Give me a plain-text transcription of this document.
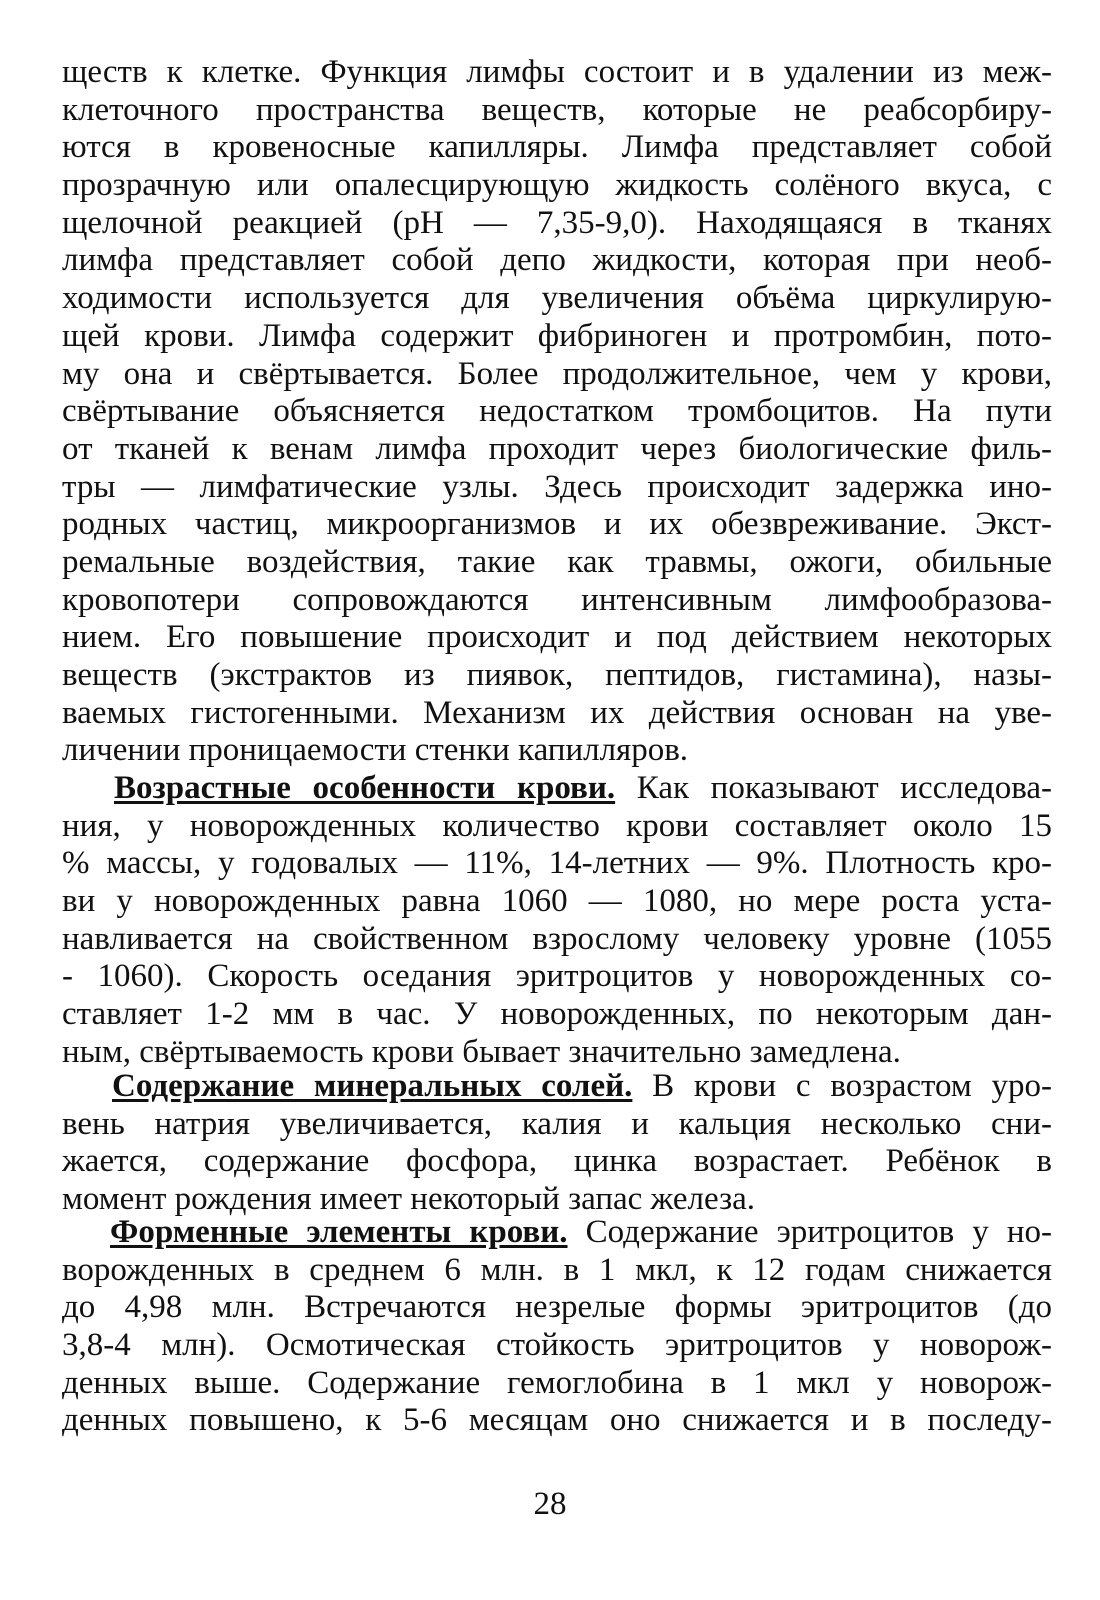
ществ к клетке. Функция лимфы состоит и в удалении из меж-
клеточного пространства веществ, которые не реабсорбиру-
ются в кровеносные капилляры. Лимфа представляет собой
прозрачную или опалесцирующую жидкость солёного вкуса, с
щелочной реакцией (рН — 7,35-9,0). Находящаяся в тканях
лимфа представляет собой депо жидкости, которая при необ-
ходимости используется для увеличения объёма циркулирую-
щей крови. Лимфа содержит фибриноген и протромбин, пото-
му она и свёртывается. Более продолжительное, чем у крови,
свёртывание объясняется недостатком тромбоцитов. На пути
от тканей к венам лимфа проходит через биологические филь-
тры — лимфатические узлы. Здесь происходит задержка ино-
родных частиц, микроорганизмов и их обезвреживание. Экст-
ремальные воздействия, такие как травмы, ожоги, обильные
кровопотери сопровождаются интенсивным лимфообразова-
нием. Его повышение происходит и под действием некоторых
веществ (экстрактов из пиявок, пептидов, гистамина), назы-
ваемых гистогенными. Механизм их действия основан на уве-
личении проницаемости стенки капилляров.
Возрастные особенности крови. Как показывают исследова-
ния, у новорожденных количество крови составляет около 15
% массы, у годовалых — 11%, 14-летних — 9%. Плотность кро-
ви у новорожденных равна 1060 — 1080, но мере роста уста-
навливается на свойственном взрослому человеку уровне (1055
- 1060). Скорость оседания эритроцитов у новорожденных со-
ставляет 1-2 мм в час. У новорожденных, по некоторым дан-
ным, свёртываемость крови бывает значительно замедлена.
Содержание минеральных солей. В крови с возрастом уро-
вень натрия увеличивается, калия и кальция несколько сни-
жается, содержание фосфора, цинка возрастает. Ребёнок в
момент рождения имеет некоторый запас железа.
Форменные элементы крови. Содержание эритроцитов у но-
ворожденных в среднем 6 млн. в 1 мкл, к 12 годам снижается
до 4,98 млн. Встречаются незрелые формы эритроцитов (до
3,8-4 млн). Осмотическая стойкость эритроцитов у новорож-
денных выше. Содержание гемоглобина в 1 мкл у новорож-
денных повышено, к 5-6 месяцам оно снижается и в последу-
28
